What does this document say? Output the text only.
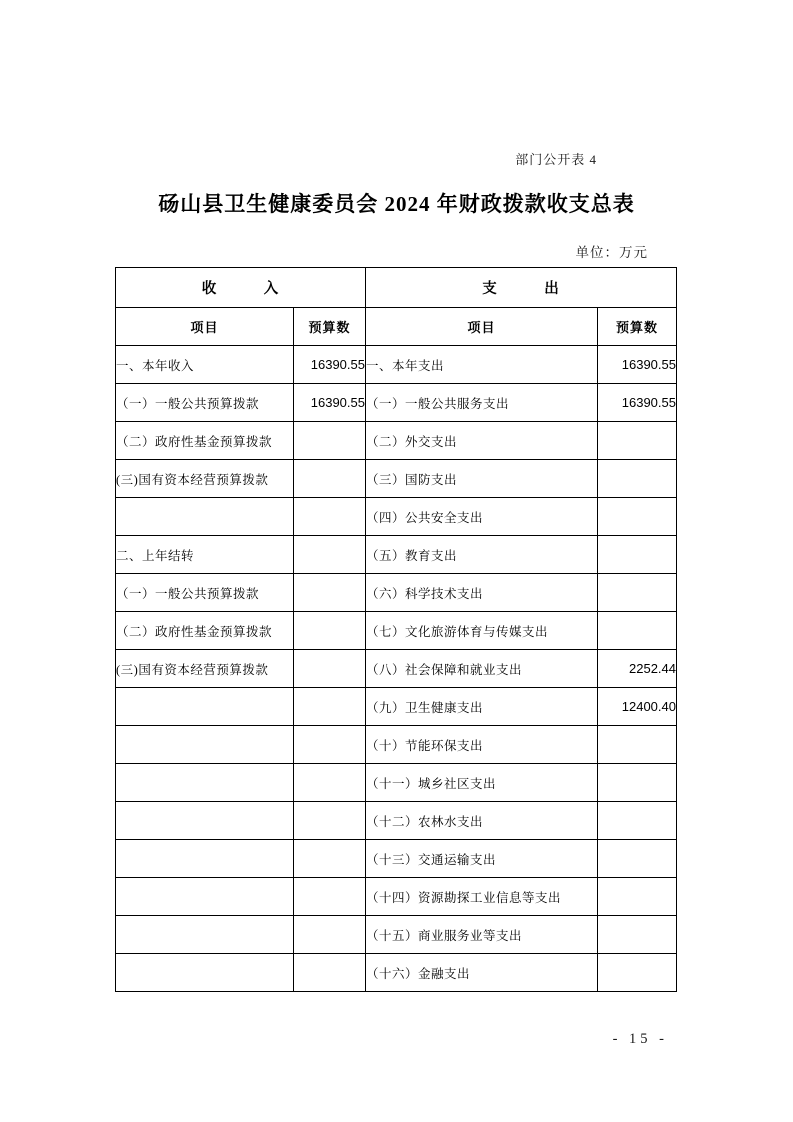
部门公开表 4
砀山县卫生健康委员会 2024 年财政拨款收支总表
单位：万元
收　　　入		支　　　出	
项目	预算数	项目	预算数
一、本年收入	16390.55	一、本年支出	16390.55
（一）一般公共预算拨款	16390.55	（一）一般公共服务支出	16390.55
（二）政府性基金预算拨款		（二）外交支出	
(三)国有资本经营预算拨款		（三）国防支出	
		（四）公共安全支出	
二、上年结转		（五）教育支出	
（一）一般公共预算拨款		（六）科学技术支出	
（二）政府性基金预算拨款		（七）文化旅游体育与传媒支出	
(三)国有资本经营预算拨款		（八）社会保障和就业支出	2252.44
		（九）卫生健康支出	12400.40
		（十）节能环保支出	
		（十一）城乡社区支出	
		（十二）农林水支出	
		（十三）交通运输支出	
		（十四）资源勘探工业信息等支出	
		（十五）商业服务业等支出	
		（十六）金融支出	
- 15 -
